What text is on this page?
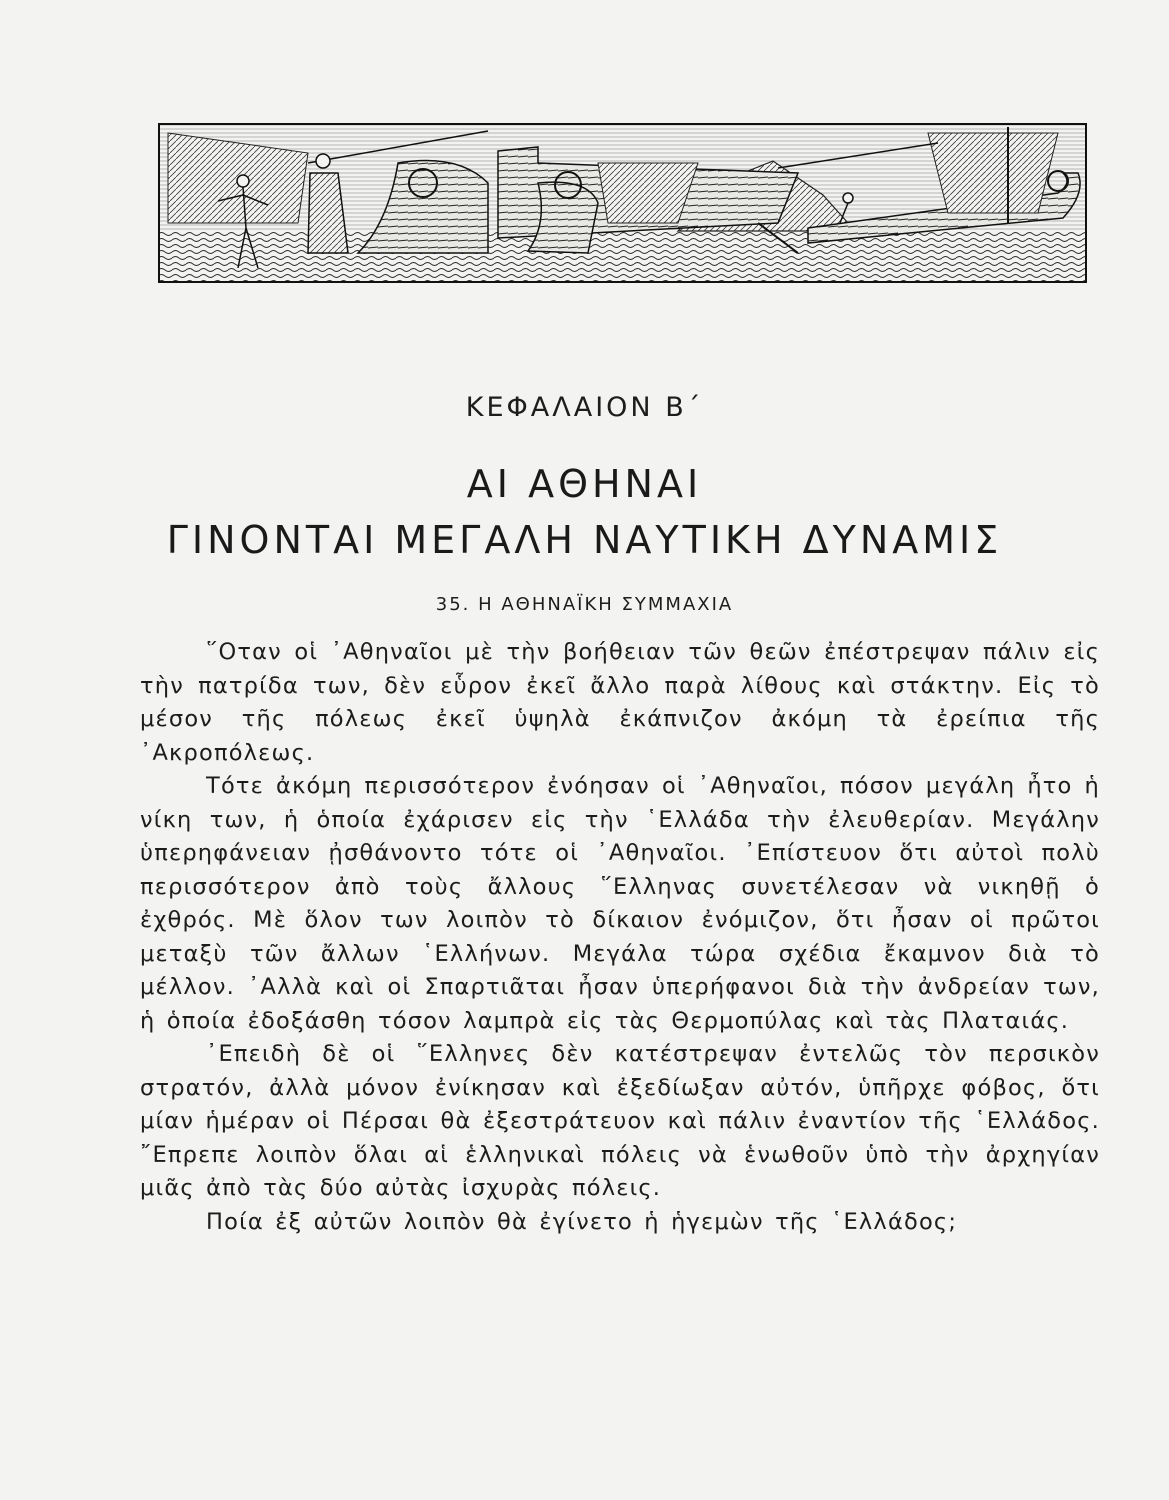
ΚΕΦΑΛΑΙΟΝ Β΄
ΑΙ ΑΘΗΝΑΙ
ΓΙΝΟΝΤΑΙ ΜΕΓΑΛΗ ΝΑΥΤΙΚΗ ΔΥΝΑΜΙΣ
35. Η ΑΘΗΝΑΪΚΗ ΣΥΜΜΑΧΙΑ

῞Οταν οἱ ᾿Αθηναῖοι μὲ τὴν βοήθειαν τῶν θεῶν ἐπέστρεψαν πάλιν εἰς τὴν πατρίδα των, δὲν εὗρον ἐκεῖ ἄλλο παρὰ λίθους καὶ στάκτην. Εἰς τὸ μέσον τῆς πόλεως ἐκεῖ ὑψηλὰ ἐκάπνιζον ἀκόμη τὰ ἐρείπια τῆς ᾿Ακροπόλεως.

Τότε ἀκόμη περισσότερον ἐνόησαν οἱ ᾿Αθηναῖοι, πόσον μεγάλη ἦτο ἡ νίκη των, ἡ ὁποία ἐχάρισεν εἰς τὴν ῾Ελλάδα τὴν ἐλευθερίαν. Μεγάλην ὑπερηφάνειαν ᾐσθάνοντο τότε οἱ ᾿Αθηναῖοι. ᾿Επίστευον ὅτι αὐτοὶ πολὺ περισσότερον ἀπὸ τοὺς ἄλλους ῞Ελληνας συνετέλεσαν νὰ νικηθῇ ὁ ἐχθρός. Μὲ ὅλον των λοιπὸν τὸ δίκαιον ἐνόμιζον, ὅτι ἦσαν οἱ πρῶτοι μεταξὺ τῶν ἄλλων ῾Ελλήνων. Μεγάλα τώρα σχέδια ἔκαμνον διὰ τὸ μέλλον. ᾿Αλλὰ καὶ οἱ Σπαρτιᾶται ἦσαν ὑπερήφανοι διὰ τὴν ἀνδρείαν των, ἡ ὁποία ἐδοξάσθη τόσον λαμπρὰ εἰς τὰς Θερμοπύλας καὶ τὰς Πλαταιάς.

᾿Επειδὴ δὲ οἱ ῞Ελληνες δὲν κατέστρεψαν ἐντελῶς τὸν περσικὸν στρατόν, ἀλλὰ μόνον ἐνίκησαν καὶ ἐξεδίωξαν αὐτόν, ὑπῆρχε φόβος, ὅτι μίαν ἡμέραν οἱ Πέρσαι θὰ ἐξεστράτευον καὶ πάλιν ἐναντίον τῆς ῾Ελλάδος. ῎Επρεπε λοιπὸν ὅλαι αἱ ἑλληνικαὶ πόλεις νὰ ἑνωθοῦν ὑπὸ τὴν ἀρχηγίαν μιᾶς ἀπὸ τὰς δύο αὐτὰς ἰσχυρὰς πόλεις.

Ποία ἐξ αὐτῶν λοιπὸν θὰ ἐγίνετο ἡ ἡγεμὼν τῆς ῾Ελλάδος;
